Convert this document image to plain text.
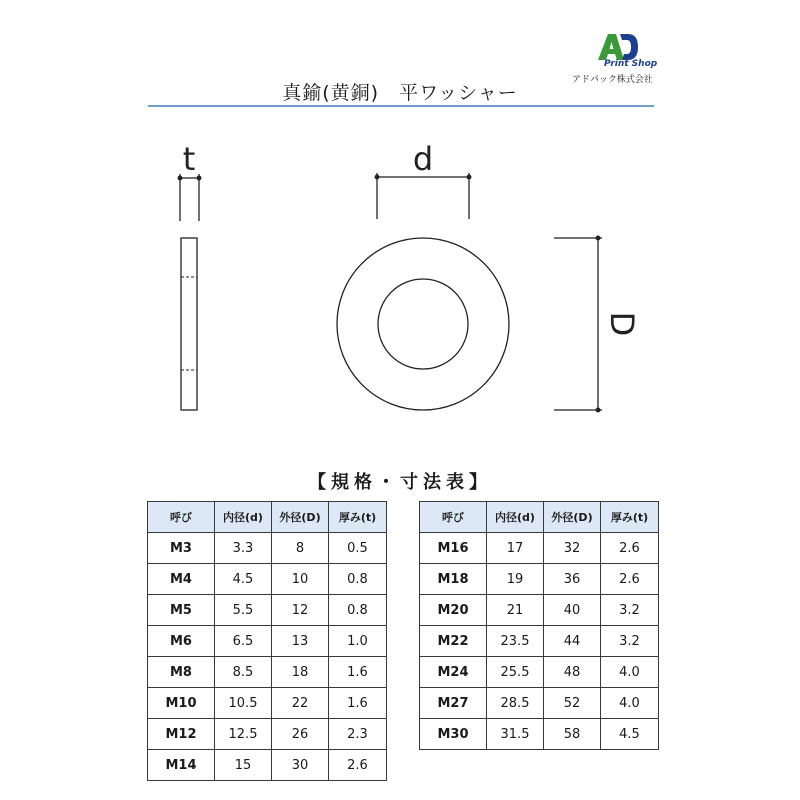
Print Shop
アドパック株式会社
真鍮(黄銅)　平ワッシャー
t	d
D
【規格・寸法表】
呼び	内径(d)	外径(D)	厚み(t)
M3	3.3	8	0.5
M4	4.5	10	0.8
M5	5.5	12	0.8
M6	6.5	13	1.0
M8	8.5	18	1.6
M10	10.5	22	1.6
M12	12.5	26	2.3
M14	15	30	2.6
呼び	内径(d)	外径(D)	厚み(t)
M16	17	32	2.6
M18	19	36	2.6
M20	21	40	3.2
M22	23.5	44	3.2
M24	25.5	48	4.0
M27	28.5	52	4.0
M30	31.5	58	4.5
